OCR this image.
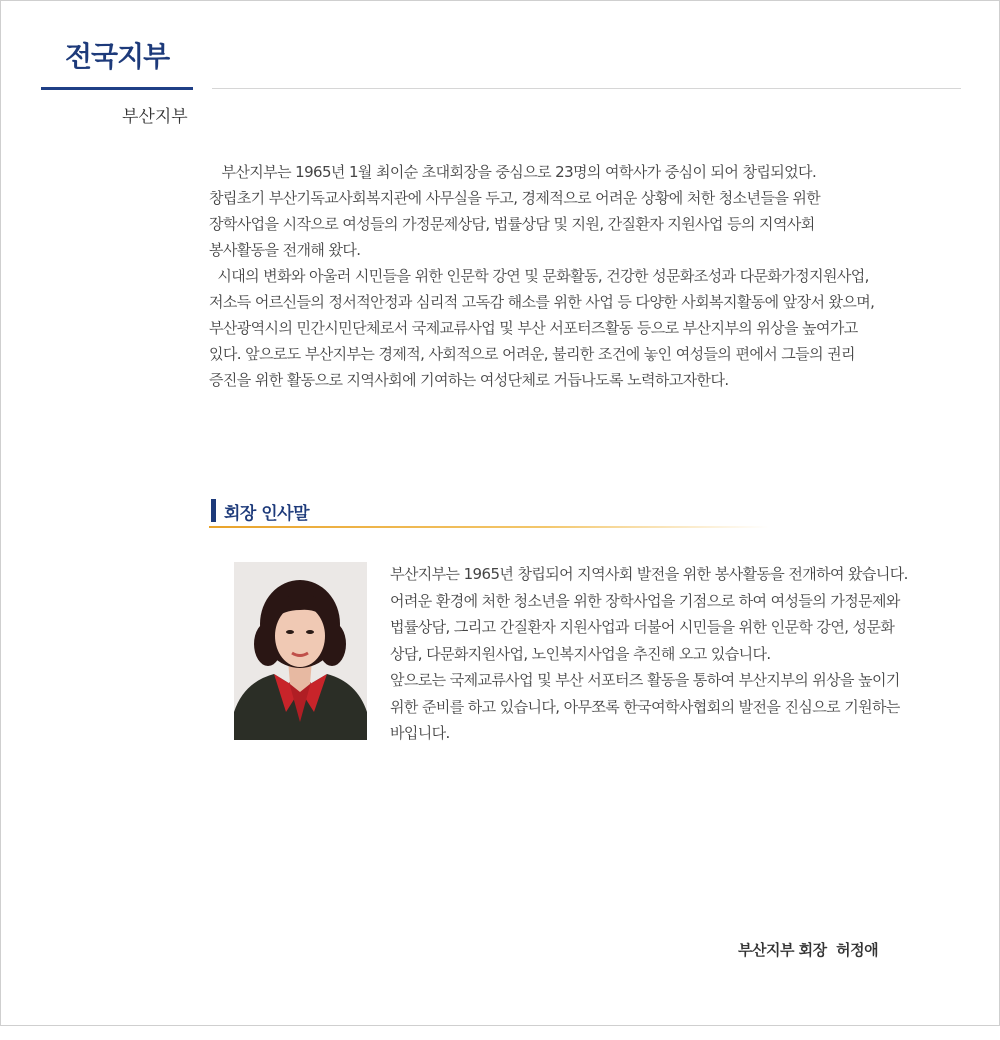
전국지부
부산지부

부산지부는 1965년 1월 최이순 초대회장을 중심으로 23명의 여학사가 중심이 되어 창립되었다.

창립초기 부산기독교사회복지관에 사무실을 두고, 경제적으로 어려운 상황에 처한 청소년들을 위한

장학사업을 시작으로 여성들의 가정문제상담, 법률상담 및 지원, 간질환자 지원사업 등의 지역사회

봉사활동을 전개해 왔다.

시대의 변화와 아울러 시민들을 위한 인문학 강연 및 문화활동, 건강한 성문화조성과 다문화가정지원사업,

저소득 어르신들의 정서적안정과 심리적 고독감 해소를 위한 사업 등 다양한 사회복지활동에 앞장서 왔으며,

부산광역시의 민간시민단체로서 국제교류사업 및 부산 서포터즈활동 등으로 부산지부의 위상을 높여가고

있다. 앞으로도 부산지부는 경제적, 사회적으로 어려운, 불리한 조건에 놓인 여성들의 편에서 그들의 권리

증진을 위한 활동으로 지역사회에 기여하는 여성단체로 거듭나도록 노력하고자한다.

회장 인사말

부산지부는 1965년 창립되어 지역사회 발전을 위한 봉사활동을 전개하여 왔습니다.

어려운 환경에 처한 청소년을 위한 장학사업을 기점으로 하여 여성들의 가정문제와

법률상담, 그리고 간질환자 지원사업과 더불어 시민들을 위한 인문학 강연, 성문화

상담, 다문화지원사업, 노인복지사업을 추진해 오고 있습니다.

앞으로는 국제교류사업 및 부산 서포터즈 활동을 통하여 부산지부의 위상을 높이기

위한 준비를 하고 있습니다, 아무쪼록 한국여학사협회의 발전을 진심으로 기원하는

바입니다.

부산지부 회장  허정애
